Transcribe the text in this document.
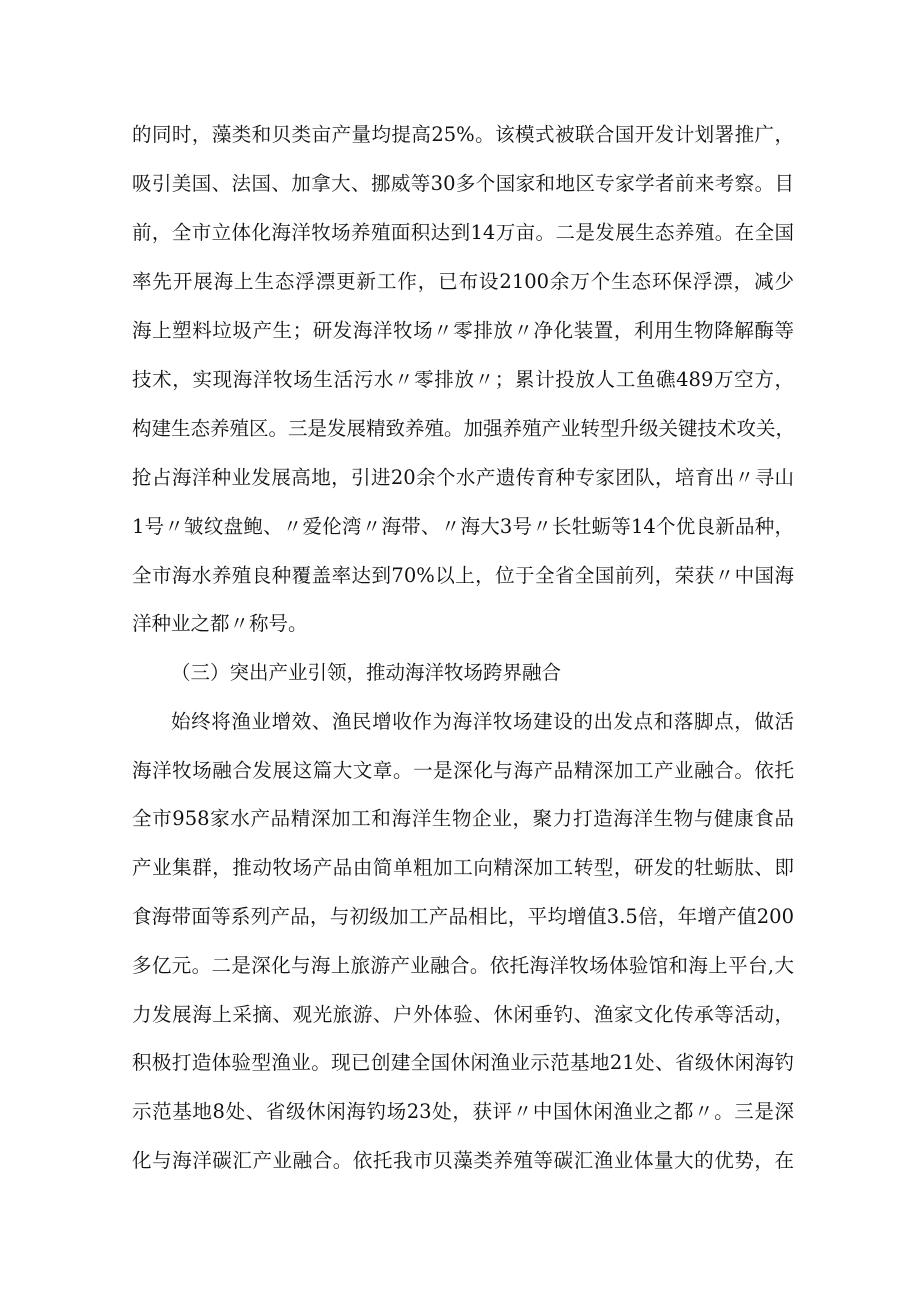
的同时，藻类和贝类亩产量均提高25%。该模式被联合国开发计划署推广，
吸引美国、法国、加拿大、挪威等30多个国家和地区专家学者前来考察。目
前，全市立体化海洋牧场养殖面积达到14万亩。二是发展生态养殖。在全国
率先开展海上生态浮漂更新工作，已布设2100余万个生态环保浮漂，减少
海上塑料垃圾产生；研发海洋牧场〃零排放〃净化装置，利用生物降解酶等
技术，实现海洋牧场生活污水〃零排放〃；累计投放人工鱼礁489万空方，
构建生态养殖区。三是发展精致养殖。加强养殖产业转型升级关键技术攻关，
抢占海洋种业发展高地，引进20余个水产遗传育种专家团队，培育出〃寻山
1号〃皱纹盘鲍、〃爱伦湾〃海带、〃海大3号〃长牡蛎等14个优良新品种，
全市海水养殖良种覆盖率达到70%以上，位于全省全国前列，荣获〃中国海
洋种业之都〃称号。
（三）突出产业引领，推动海洋牧场跨界融合
始终将渔业增效、渔民增收作为海洋牧场建设的出发点和落脚点，做活
海洋牧场融合发展这篇大文章。一是深化与海产品精深加工产业融合。依托
全市958家水产品精深加工和海洋生物企业，聚力打造海洋生物与健康食品
产业集群，推动牧场产品由简单粗加工向精深加工转型，研发的牡蛎肽、即
食海带面等系列产品，与初级加工产品相比，平均增值3.5倍，年增产值200
多亿元。二是深化与海上旅游产业融合。依托海洋牧场体验馆和海上平台,大
力发展海上采摘、观光旅游、户外体验、休闲垂钓、渔家文化传承等活动，
积极打造体验型渔业。现已创建全国休闲渔业示范基地21处、省级休闲海钓
示范基地8处、省级休闲海钓场23处，获评〃中国休闲渔业之都〃。三是深
化与海洋碳汇产业融合。依托我市贝藻类养殖等碳汇渔业体量大的优势，在
